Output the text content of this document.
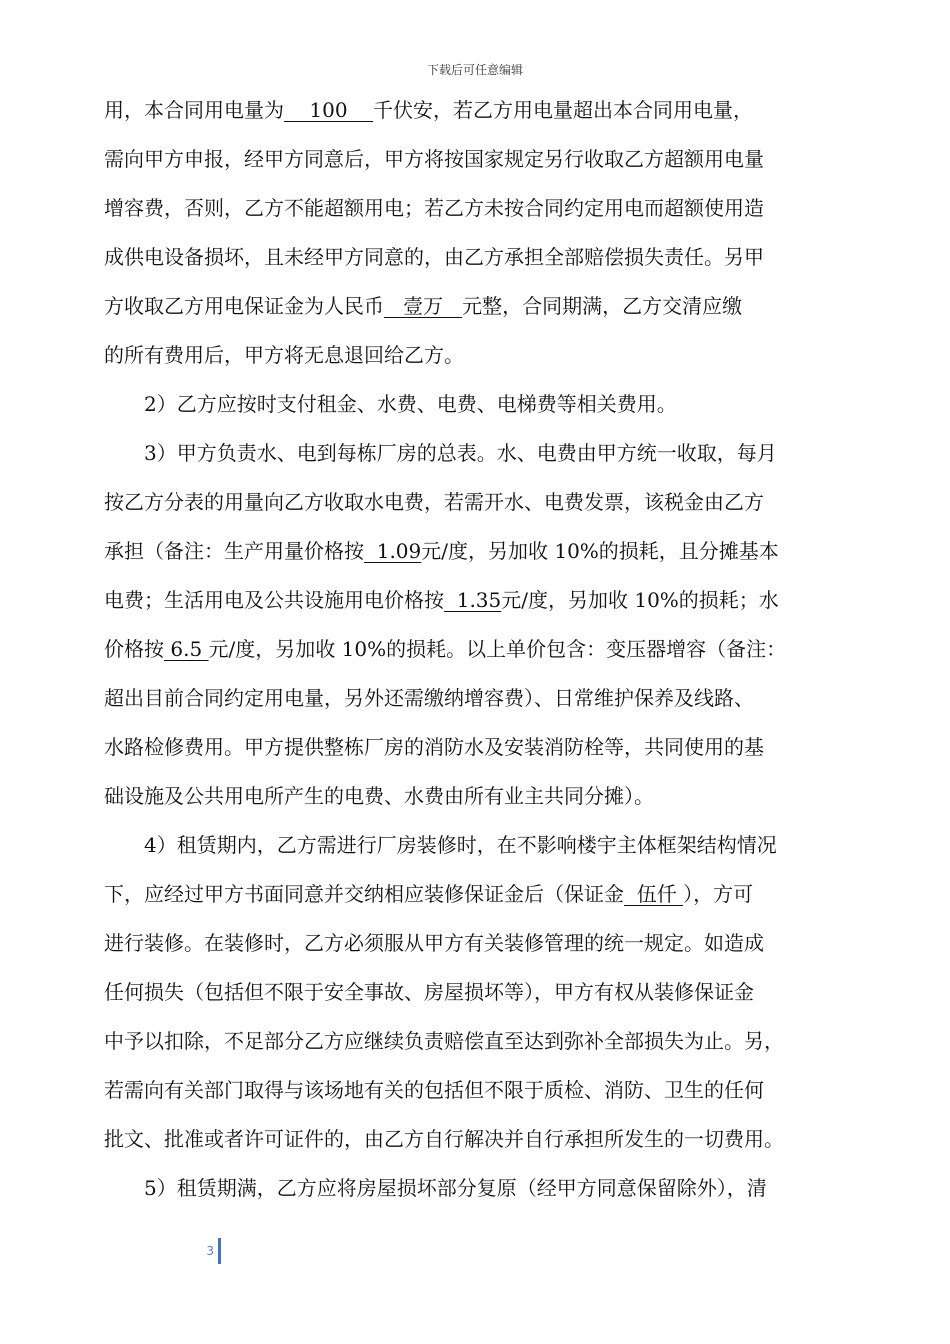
下载后可任意编辑
用，本合同用电量为    100    千伏安，若乙方用电量超出本合同用电量，
需向甲方申报，经甲方同意后，甲方将按国家规定另行收取乙方超额用电量
增容费，否则，乙方不能超额用电；若乙方未按合同约定用电而超额使用造
成供电设备损坏，且未经甲方同意的，由乙方承担全部赔偿损失责任。另甲
方收取乙方用电保证金为人民币   壹万   元整，合同期满，乙方交清应缴
的所有费用后，甲方将无息退回给乙方。
2）乙方应按时支付租金、水费、电费、电梯费等相关费用。
3）甲方负责水、电到每栋厂房的总表。水、电费由甲方统一收取，每月
按乙方分表的用量向乙方收取水电费，若需开水、电费发票，该税金由乙方
承担（备注：生产用量价格按  1.09元/度，另加收 10%的损耗，且分摊基本
电费；生活用电及公共设施用电价格按  1.35元/度，另加收 10%的损耗；水
价格按 6.5 元/度，另加收 10%的损耗。以上单价包含：变压器增容（备注：
超出目前合同约定用电量，另外还需缴纳增容费）、日常维护保养及线路、
水路检修费用。甲方提供整栋厂房的消防水及安装消防栓等，共同使用的基
础设施及公共用电所产生的电费、水费由所有业主共同分摊）。
4）租赁期内，乙方需进行厂房装修时，在不影响楼宇主体框架结构情况
下，应经过甲方书面同意并交纳相应装修保证金后（保证金  伍仟 ），方可
进行装修。在装修时，乙方必须服从甲方有关装修管理的统一规定。如造成
任何损失（包括但不限于安全事故、房屋损坏等），甲方有权从装修保证金
中予以扣除，不足部分乙方应继续负责赔偿直至达到弥补全部损失为止。另，
若需向有关部门取得与该场地有关的包括但不限于质检、消防、卫生的任何
批文、批准或者许可证件的，由乙方自行解决并自行承担所发生的一切费用。
5）租赁期满，乙方应将房屋损坏部分复原（经甲方同意保留除外），清
3
